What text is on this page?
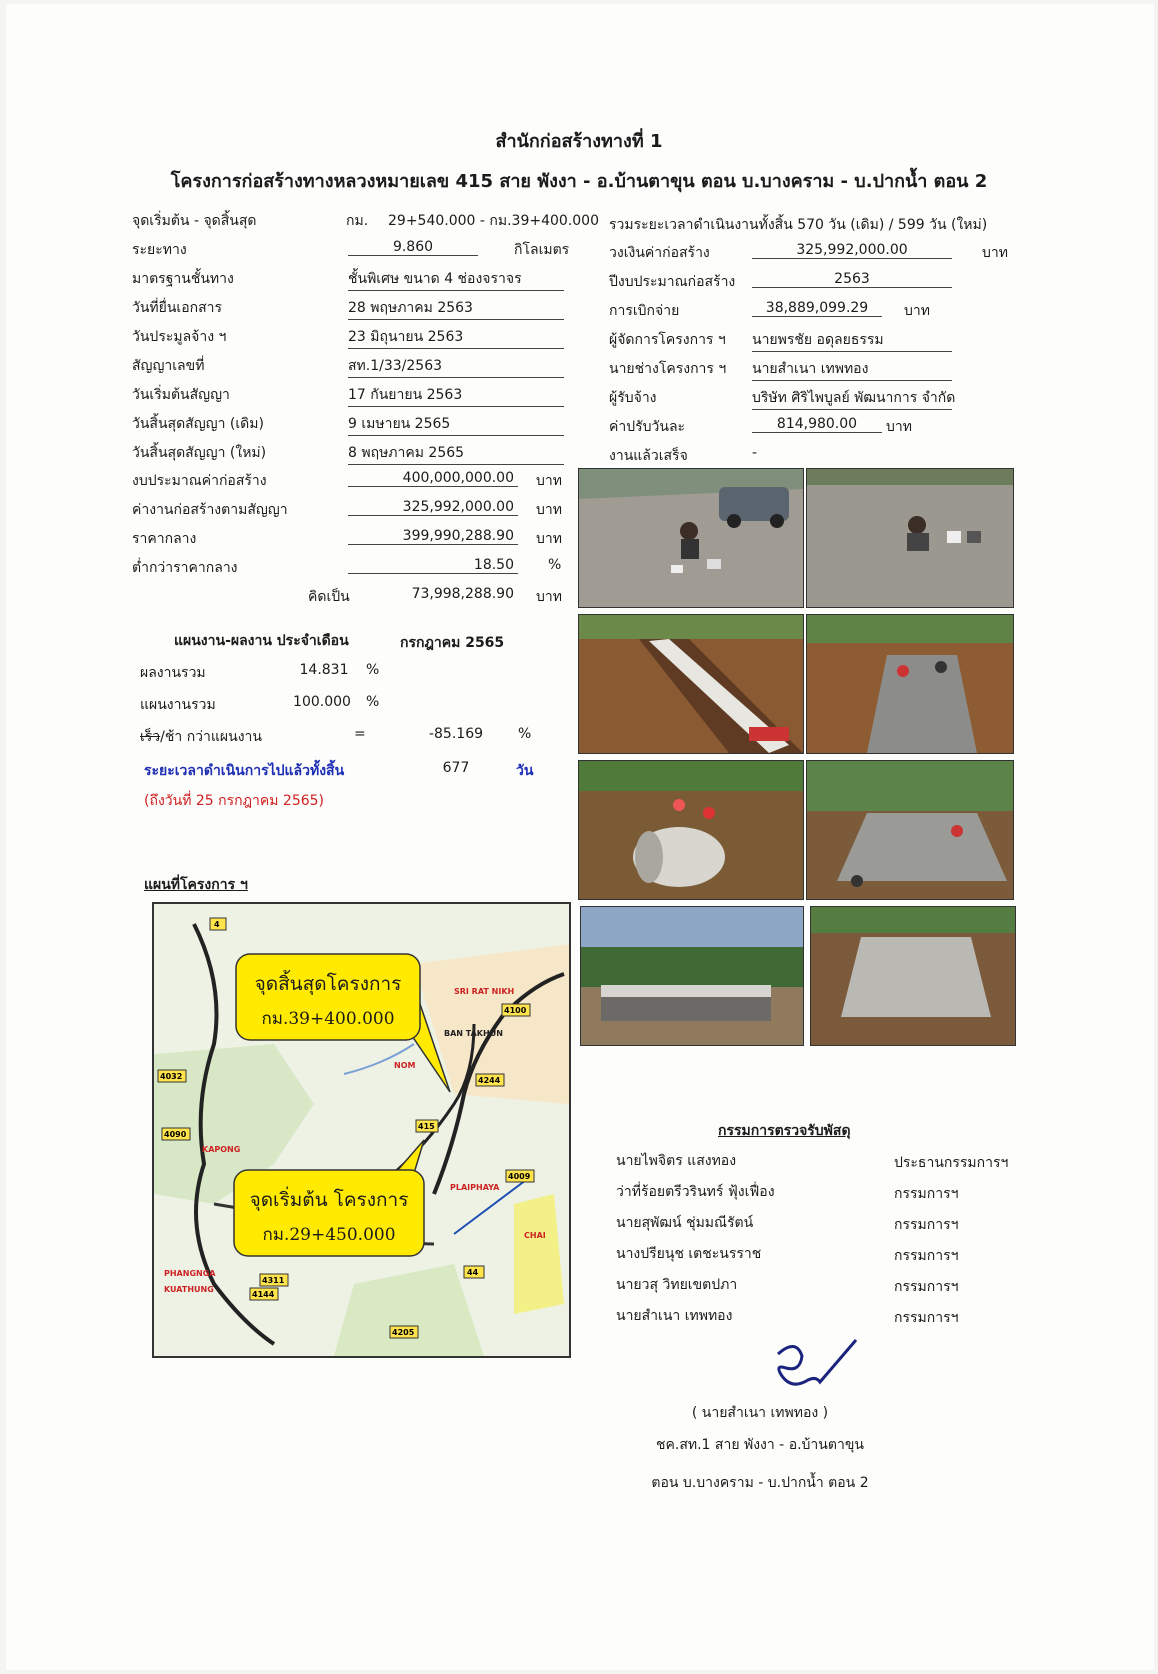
สำนักก่อสร้างทางที่ 1
โครงการก่อสร้างทางหลวงหมายเลข 415 สาย พังงา - อ.บ้านตาขุน ตอน บ.บางคราม - บ.ปากน้ำ ตอน 2
จุดเริ่มต้น - จุดสิ้นสุด	กม. 29+540.000 - กม.39+400.000
ระยะทาง	9.860	กิโลเมตร
มาตรฐานชั้นทาง	ชั้นพิเศษ ขนาด 4 ช่องจราจร
วันที่ยื่นเอกสาร	28 พฤษภาคม 2563
วันประมูลจ้าง ฯ	23 มิถุนายน 2563
สัญญาเลขที่	สท.1/33/2563
วันเริ่มต้นสัญญา	17 กันยายน 2563
วันสิ้นสุดสัญญา (เดิม)	9 เมษายน 2565
วันสิ้นสุดสัญญา (ใหม่)	8 พฤษภาคม 2565
งบประมาณค่าก่อสร้าง	400,000,000.00 บาท
ค่างานก่อสร้างตามสัญญา	325,992,000.00 บาท
ราคากลาง	399,990,288.90 บาท
ต่ำกว่าราคากลาง	18.50 %
คิดเป็น	73,998,288.90 บาท
รวมระยะเวลาดำเนินงานทั้งสิ้น 570 วัน (เดิม) / 599 วัน (ใหม่)
วงเงินค่าก่อสร้าง	325,992,000.00	บาท
ปีงบประมาณก่อสร้าง	2563
การเบิกจ่าย	38,889,099.29	บาท
ผู้จัดการโครงการ ฯ นายพรชัย อดุลยธรรม
นายช่างโครงการ ฯ นายสำเนา เทพทอง
ผู้รับจ้าง	บริษัท ศิริไพบูลย์ พัฒนาการ จำกัด
ค่าปรับวันละ	814,980.00	บาท
งานแล้วเสร็จ	-
แผนงาน-ผลงาน ประจำเดือน	กรกฎาคม 2565
ผลงานรวม	14.831 %
แผนงานรวม	100.000 %
เร็ว/ช้า กว่าแผนงาน	=	-85.169 %
ระยะเวลาดำเนินการไปแล้วทั้งสิ้น	677	วัน
(ถึงวันที่ 25 กรกฎาคม 2565)
แผนที่โครงการ ฯ
SRI RAT NIKH
BAN TAKHUN
NOM
PHANGNGA
KAPONG
PLAIPHAYA
KUATHUNG
CHAI
4
415
4100
4244
4009
4311
4144
4090
44
4205
4032
จุดสิ้นสุดโครงการ
กม.39+400.000
จุดเริ่มต้น โครงการ
กม.29+450.000
กรรมการตรวจรับพัสดุ
นายไพจิตร แสงทอง	ประธานกรรมการฯ
ว่าที่ร้อยตรีวรินทร์ ฟุ้งเฟื่อง	กรรมการฯ
นายสุพัฒน์ ชุ่มมณีรัตน์	กรรมการฯ
นางปรียนุช เตชะนรราช	กรรมการฯ
นายวสุ วิทยเขตปภา	กรรมการฯ
นายสำเนา เทพทอง	กรรมการฯ
( นายสำเนา เทพทอง )
ชค.สท.1 สาย พังงา - อ.บ้านตาขุน
ตอน บ.บางคราม - บ.ปากน้ำ ตอน 2
